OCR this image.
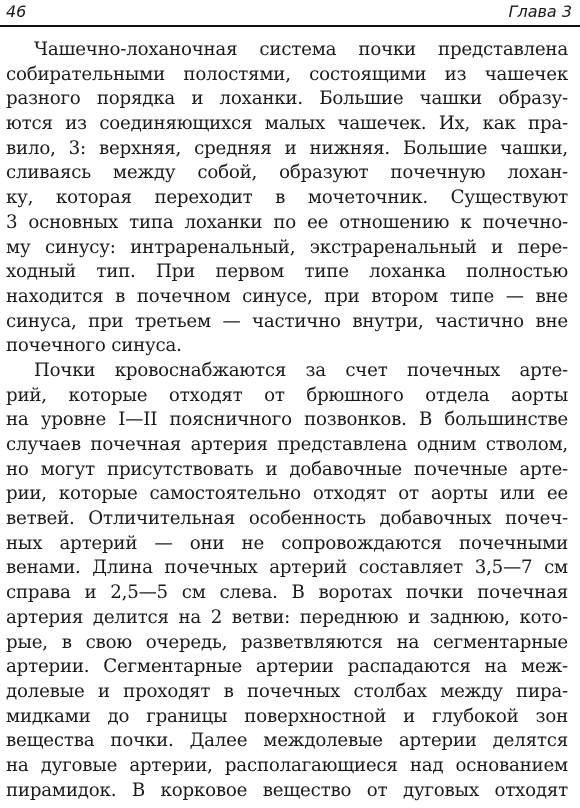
46	Глава 3
Чашечно-лоханочная система почки представлена
собирательными полостями, состоящими из чашечек
разного порядка и лоханки. Большие чашки образу-
ются из соединяющихся малых чашечек. Их, как пра-
вило, 3: верхняя, средняя и нижняя. Большие чашки,
сливаясь между собой, образуют почечную лохан-
ку, которая переходит в мочеточник. Существуют
3 основных типа лоханки по ее отношению к почечно-
му синусу: интраренальный, экстраренальный и пере-
ходный тип. При первом типе лоханка полностью
находится в почечном синусе, при втором типе — вне
синуса, при третьем — частично внутри, частично вне
почечного синуса.
Почки кровоснабжаются за счет почечных арте-
рий, которые отходят от брюшного отдела аорты
на уровне I—II поясничного позвонков. В большинстве
случаев почечная артерия представлена одним стволом,
но могут присутствовать и добавочные почечные арте-
рии, которые самостоятельно отходят от аорты или ее
ветвей. Отличительная особенность добавочных почеч-
ных артерий — они не сопровождаются почечными
венами. Длина почечных артерий составляет 3,5—7 см
справа и 2,5—5 см слева. В воротах почки почечная
артерия делится на 2 ветви: переднюю и заднюю, кото-
рые, в свою очередь, разветвляются на сегментарные
артерии. Сегментарные артерии распадаются на меж-
долевые и проходят в почечных столбах между пира-
мидками до границы поверхностной и глубокой зон
вещества почки. Далее междолевые артерии делятся
на дуговые артерии, располагающиеся над основанием
пирамидок. В корковое вещество от дуговых отходят
